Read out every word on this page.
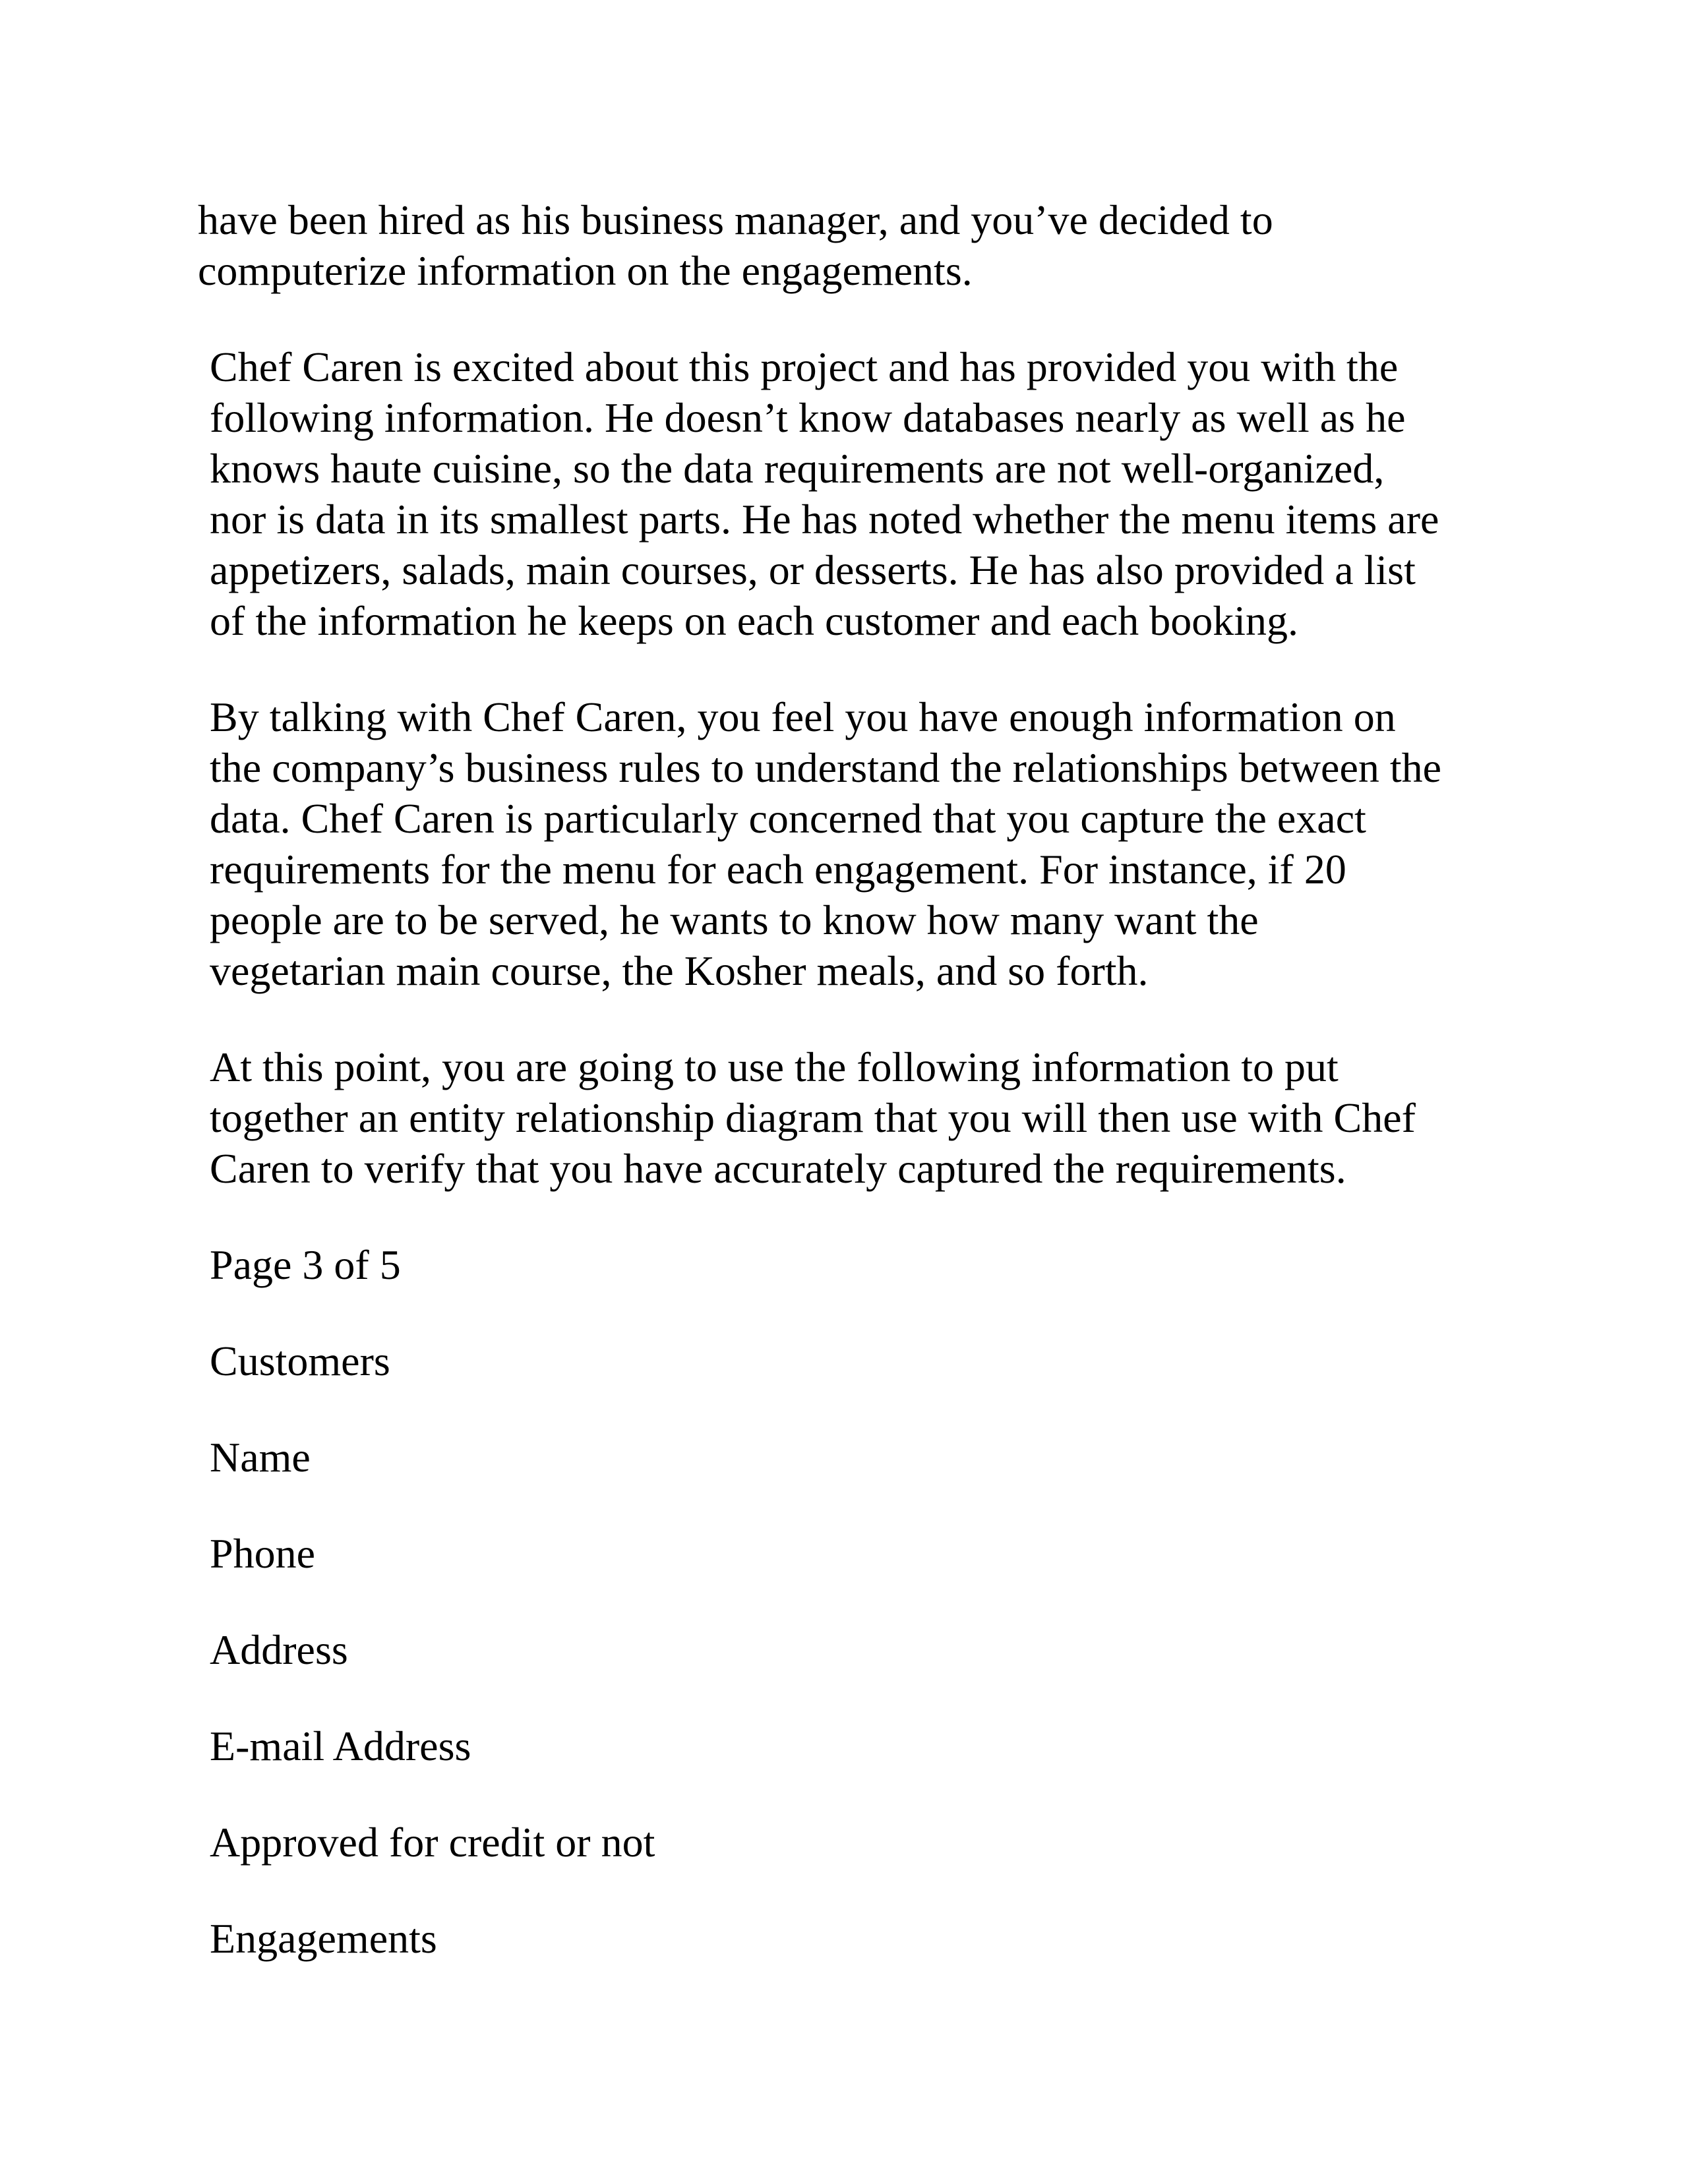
have been hired as his business manager, and you’ve decided to
computerize information on the engagements.
Chef Caren is excited about this project and has provided you with the
following information. He doesn’t know databases nearly as well as he
knows haute cuisine, so the data requirements are not well-organized,
nor is data in its smallest parts. He has noted whether the menu items are
appetizers, salads, main courses, or desserts. He has also provided a list
of the information he keeps on each customer and each booking.
By talking with Chef Caren, you feel you have enough information on
the company’s business rules to understand the relationships between the
data. Chef Caren is particularly concerned that you capture the exact
requirements for the menu for each engagement. For instance, if 20
people are to be served, he wants to know how many want the
vegetarian main course, the Kosher meals, and so forth.
At this point, you are going to use the following information to put
together an entity relationship diagram that you will then use with Chef
Caren to verify that you have accurately captured the requirements.
Page 3 of 5
Customers
Name
Phone
Address
E-mail Address
Approved for credit or not
Engagements
